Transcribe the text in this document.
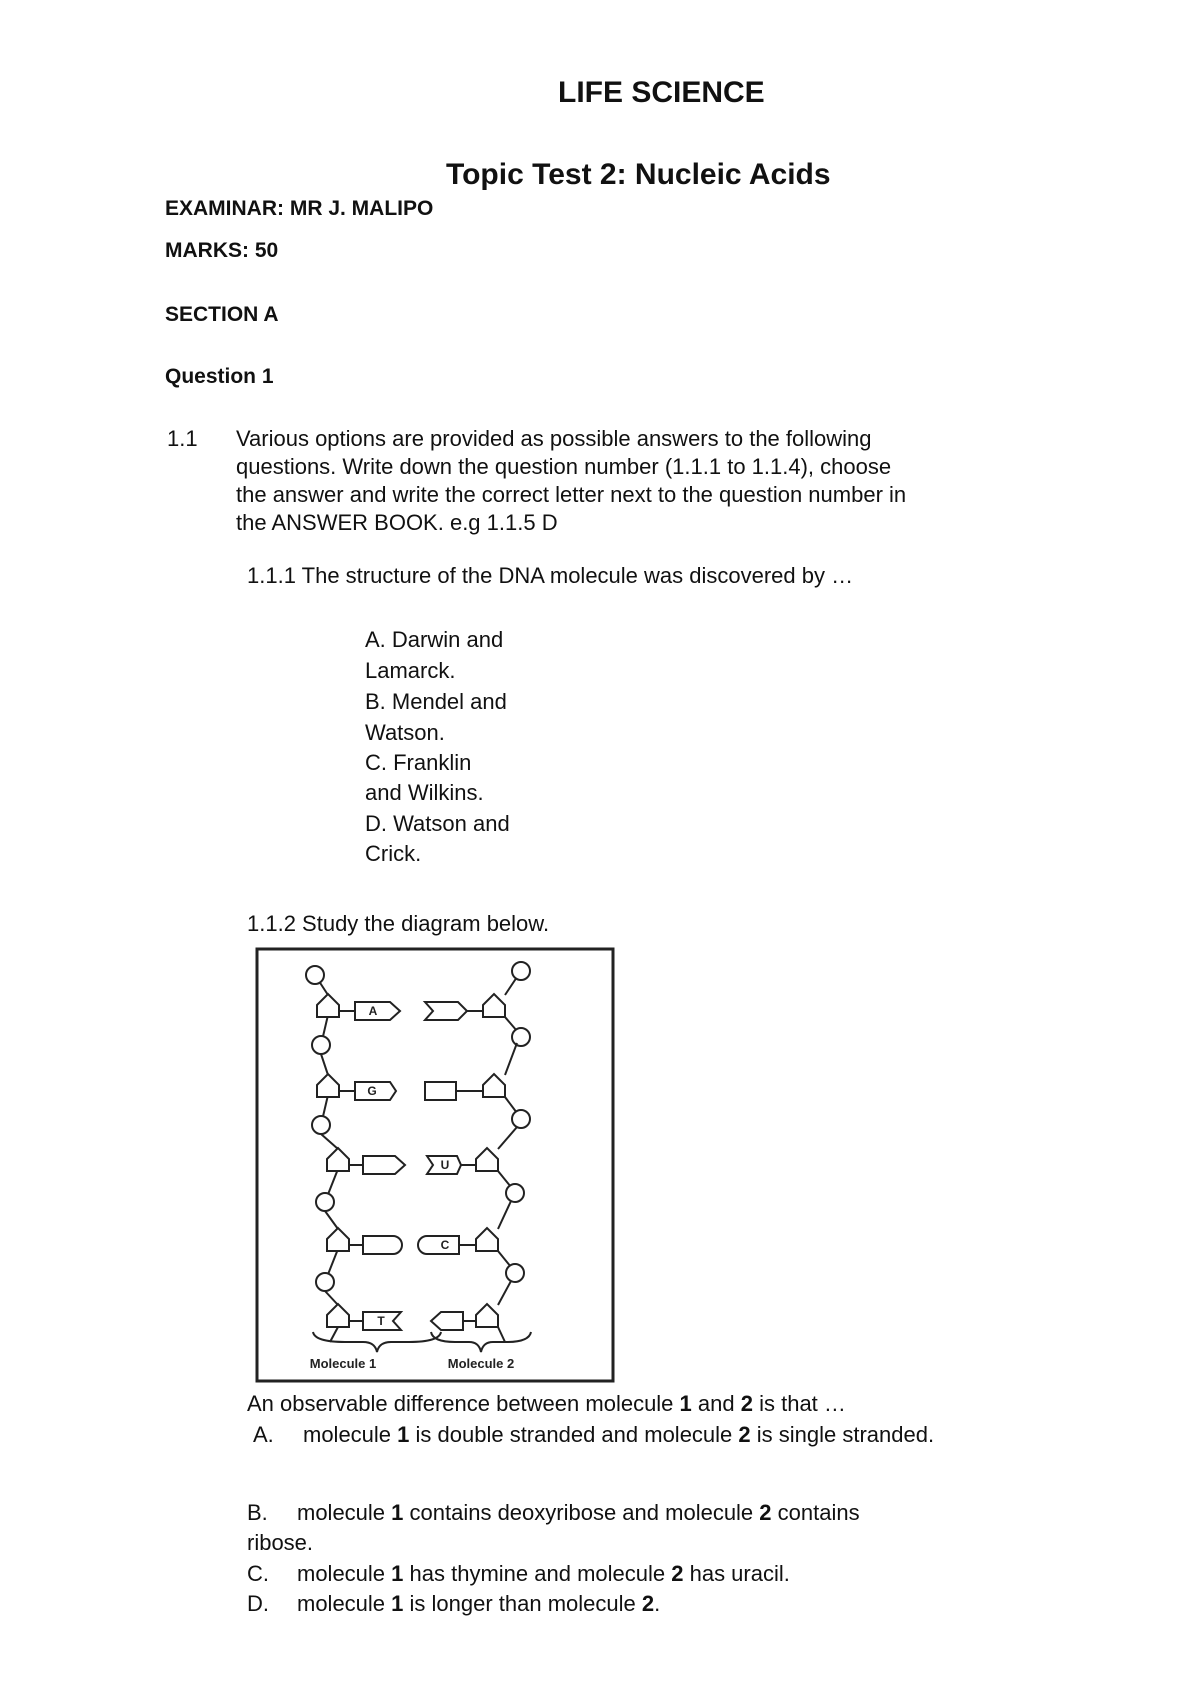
LIFE SCIENCE
Topic Test 2: Nucleic Acids
EXAMINAR: MR J. MALIPO
MARKS: 50
SECTION A
Question 1
1.1 Various options are provided as possible answers to the following
questions. Write down the question number (1.1.1 to 1.1.4), choose
the answer and write the correct letter next to the question number in
the ANSWER BOOK. e.g 1.1.5 D
1.1.1 The structure of the DNA molecule was discovered by …
A. Darwin and
Lamarck.
B. Mendel and
Watson.
C. Franklin
and Wilkins.
D. Watson and
Crick.
1.1.2 Study the diagram below.
A
G
U
C
T
Molecule 1	Molecule 2
An observable difference between molecule 1 and 2 is that …
A. molecule 1 is double stranded and molecule 2 is single stranded.
B. molecule 1 contains deoxyribose and molecule 2 contains
ribose.
C. molecule 1 has thymine and molecule 2 has uracil.
D. molecule 1 is longer than molecule 2.
